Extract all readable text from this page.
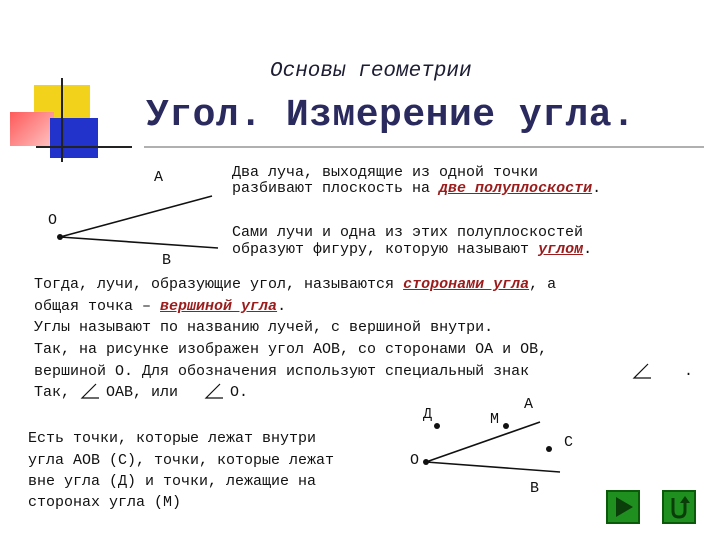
Основы геометрии
Угол. Измерение угла.
А
О
В
Два луча, выходящие из одной точки
разбивают плоскость на две полуплоскости.
Сами лучи и одна из этих полуплоскостей
образуют фигуру, которую называют углом.
Тогда, лучи, образующие угол, называются сторонами угла, а
общая точка – вершиной угла.
Углы называют по названию лучей, с вершиной внутри.
Так, на рисунке изображен угол АОВ, со сторонами ОА и ОВ,
вершиной О. Для обозначения используют специальный знак	.
Так, ОАВ, или	О.
Есть точки, которые лежат внутри
угла АОВ (С), точки, которые лежат
вне угла (Д) и точки, лежащие на
сторонах угла (М)
Д	М
А
С
О
В
